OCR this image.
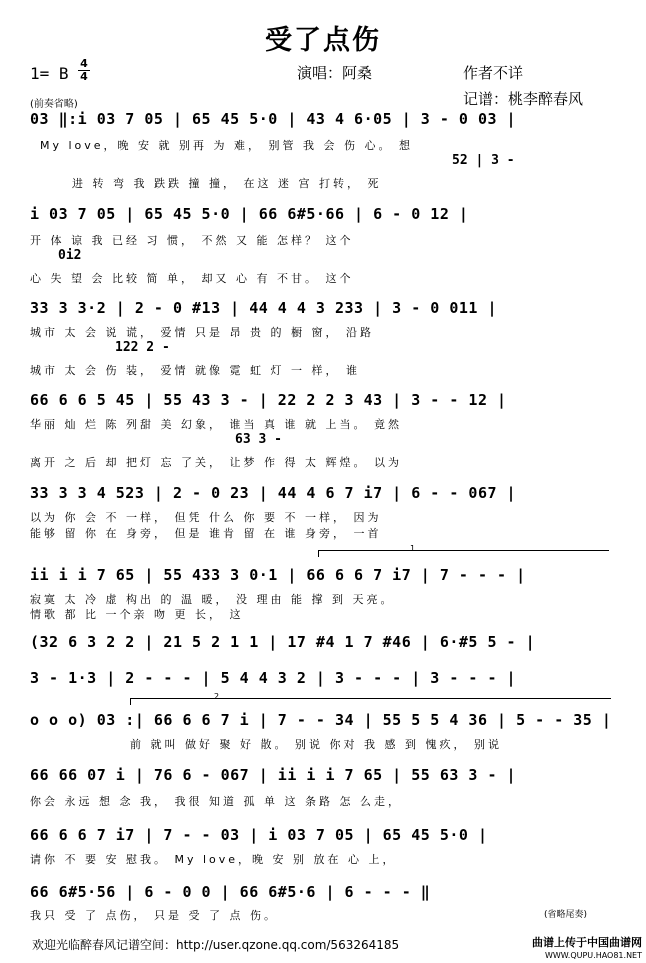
受了点伤
1= B
4
4	演唱：阿桑	作者不详
记谱：桃李醉春风
(前奏省略)
03 ‖:i 03 7 05 | 65 45 5·0 | 43 4 6·05 | 3 - 0 03 |
My love，晚 安 就 别再 为 难， 别管 我 会 伤 心。 想
52 | 3 -
进 转 弯 我 跌跌 撞 撞， 在这 迷 宫 打转， 死
i 03 7 05 | 65 45 5·0 | 66 6#5·66 | 6 - 0 12 |
开 体 谅 我 已经 习 惯， 不然 又 能 怎样？ 这个
0i2
心 失 望 会 比较 简 单， 却又 心 有 不甘。 这个
33 3 3·2 | 2 - 0 #13 | 44 4 4 3 233 | 3 - 0 011 |
城市 太 会 说 谎， 爱情 只是 昂 贵 的 橱 窗， 沿路
122 2 -
城市 太 会 伤 装， 爱情 就像 霓 虹 灯 一 样， 谁
66 6 6 5 45 | 55 43 3 - | 22 2 2 3 43 | 3 - - 12 |
华丽 灿 烂 陈 列甜 美 幻象， 谁当 真 谁 就 上当。 竟然
63 3 -
离开 之 后 却 把灯 忘 了关， 让梦 作 得 太 辉煌。 以为
33 3 3 4 523 | 2 - 0 23 | 44 4 6 7 i7 | 6 - - 067 |
以为 你 会 不 一样， 但凭 什么 你 要 不 一样， 因为
能够 留 你 在 身旁， 但是 谁肯 留 在 谁 身旁， 一首
1
ii i i 7 65 | 55 433 3 0·1 | 66 6 6 7 i7 | 7 - - - |
寂寞 太 冷 虚 构出 的 温 暖， 没 理由 能 撑 到 天亮。
情歌 都 比 一个亲 吻 更 长， 这
(32 6 3 2 2 | 21 5 2 1 1 | 17 #4 1 7 #46 | 6·#5 5 - |
3 - 1·3 | 2 - - - | 5 4 4 3 2 | 3 - - - | 3 - - - |
2
o o o) 03 :| 66 6 6 7 i | 7 - - 34 | 55 5 5 4 36 | 5 - - 35 |
前 就叫 做好 聚 好 散。 别说 你对 我 感 到 愧疚， 别说
66 66 07 i | 76 6 - 067 | ii i i 7 65 | 55 63 3 - |
你会 永远 想 念 我， 我很 知道 孤 单 这 条路 怎 么走，
66 6 6 7 i7 | 7 - - 03 | i 03 7 05 | 65 45 5·0 |
请你 不 要 安 慰我。 My love，晚 安 别 放在 心 上，
66 6#5·56 | 6 - 0 0 | 66 6#5·6 | 6 - - - ‖
我只 受 了 点伤， 只是 受 了 点 伤。	(省略尾奏)
欢迎光临醉春风记谱空间：http://user.qzone.qq.com/563264185	曲谱上传于中国曲谱网
WWW.QUPU.HAO81.NET
